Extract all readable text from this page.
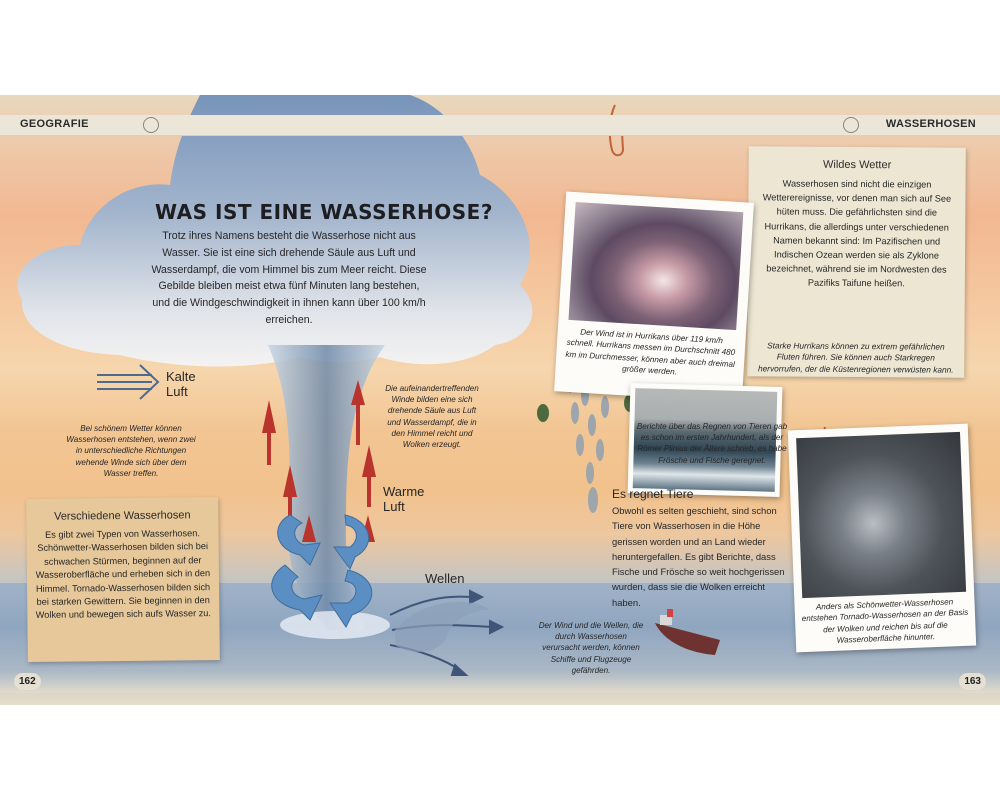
GEOGRAFIE	WASSERHOSEN
WAS IST EINE WASSERHOSE?
Trotz ihres Namens besteht die Wasserhose nicht aus Wasser. Sie ist eine sich drehende Säule aus Luft und Wasserdampf, die vom Himmel bis zum Meer reicht. Diese Gebilde bleiben meist etwa fünf Minuten lang bestehen, und die Windgeschwindigkeit in ihnen kann über 100 km/h erreichen.
Kalte Luft
Warme Luft
Wellen
Bei schönem Wetter können Wasserhosen entstehen, wenn zwei in unterschiedliche Richtungen wehende Winde sich über dem Wasser treffen.
Die aufeinandertreffenden Winde bilden eine sich drehende Säule aus Luft und Wasserdampf, die in den Himmel reicht und Wolken erzeugt.
Der Wind und die Wellen, die durch Wasserhosen verursacht werden, können Schiffe und Flugzeuge gefährden.
Verschiedene Wasserhosen

Es gibt zwei Typen von Wasserhosen. Schönwetter-Wasserhosen bilden sich bei schwachen Stürmen, beginnen auf der Wasseroberfläche und erheben sich in den Himmel. Tornado-Wasserhosen bilden sich bei starken Gewittern. Sie beginnen in den Wolken und bewegen sich aufs Wasser zu.

Wildes Wetter

Wasserhosen sind nicht die einzigen Wetterereignisse, vor denen man sich auf See hüten muss. Die gefährlichsten sind die Hurrikans, die allerdings unter verschiedenen Namen bekannt sind: Im Pazifischen und Indischen Ozean werden sie als Zyklone bezeichnet, während sie im Nordwesten des Pazifiks Taifune heißen.

Starke Hurrikans können zu extrem gefährlichen Fluten führen. Sie können auch Starkregen hervorrufen, der die Küstenregionen verwüsten kann.

Der Wind ist in Hurrikans über 119 km/h schnell. Hurrikans messen im Durchschnitt 480 km im Durchmesser, können aber auch dreimal größer werden.
Anders als Schönwetter-Wasserhosen entstehen Tornado-Wasserhosen an der Basis der Wolken und reichen bis auf die Wasseroberfläche hinunter.
Berichte über das Regnen von Tieren gab es schon im ersten Jahrhundert, als der Römer Plinius der Ältere schrieb, es habe Frösche und Fische geregnet.
Es regnet Tiere
Obwohl es selten geschieht, sind schon Tiere von Wasserhosen in die Höhe gerissen worden und an Land wieder heruntergefallen. Es gibt Berichte, dass Fische und Frösche so weit hochgerissen wurden, dass sie die Wolken erreicht haben.
162	163
